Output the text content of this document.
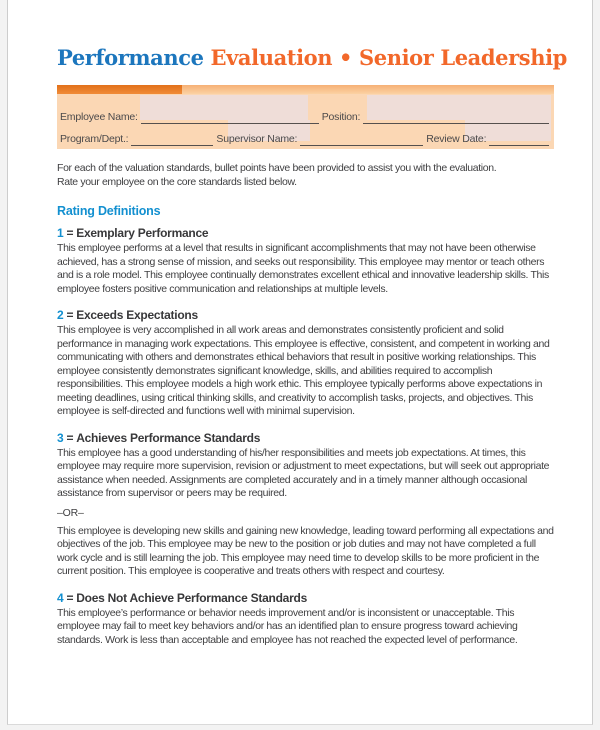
Performance Evaluation • Senior Leadership
Employee Name:	Position:
Program/Dept.:	Supervisor Name:	Review Date:
For each of the valuation standards, bullet points have been provided to assist you with the evaluation.
Rate your employee on the core standards listed below.
Rating Definitions
1 = Exemplary Performance
This employee performs at a level that results in significant accomplishments that may not have been otherwise achieved, has a strong sense of mission, and seeks out responsibility. This employee may mentor or teach others and is a role model. This employee continually demonstrates excellent ethical and innovative leadership skills. This employee fosters positive communication and relationships at multiple levels.
2 = Exceeds Expectations
This employee is very accomplished in all work areas and demonstrates consistently proficient and solid performance in managing work expectations. This employee is effective, consistent, and competent in working and communicating with others and demonstrates ethical behaviors that result in positive working relationships. This employee consistently demonstrates significant knowledge, skills, and abilities required to accomplish responsibilities. This employee models a high work ethic. This employee typically performs above expectations in meeting deadlines, using critical thinking skills, and creativity to accomplish tasks, projects, and objectives. This employee is self-directed and functions well with minimal supervision.
3 = Achieves Performance Standards
This employee has a good understanding of his/her responsibilities and meets job expectations. At times, this employee may require more supervision, revision or adjustment to meet expectations, but will seek out appropriate assistance when needed. Assignments are completed accurately and in a timely manner although occasional assistance from supervisor or peers may be required.
–OR–
This employee is developing new skills and gaining new knowledge, leading toward performing all expectations and objectives of the job. This employee may be new to the position or job duties and may not have completed a full work cycle and is still learning the job. This employee may need time to develop skills to be more proficient in the current position. This employee is cooperative and treats others with respect and courtesy.
4 = Does Not Achieve Performance Standards
This employee’s performance or behavior needs improvement and/or is inconsistent or unacceptable. This employee may fail to meet key behaviors and/or has an identified plan to ensure progress toward achieving standards. Work is less than acceptable and employee has not reached the expected level of performance.
